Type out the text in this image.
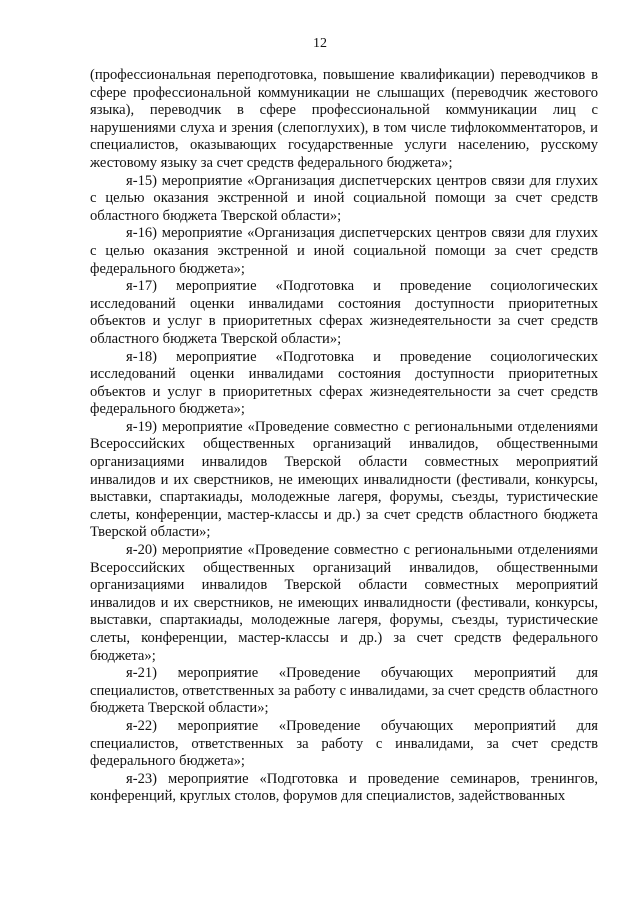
12

(профессиональная переподготовка, повышение квалификации) переводчиков в сфере профессиональной коммуникации не слышащих (переводчик жестового языка), переводчик в сфере профессиональной коммуникации лиц с нарушениями слуха и зрения (слепоглухих), в том числе тифлокомментаторов, и специалистов, оказывающих государственные услуги населению, русскому жестовому языку за счет средств федерального бюджета»;

я-15) мероприятие «Организация диспетчерских центров связи для глухих с целью оказания экстренной и иной социальной помощи за счет средств областного бюджета Тверской области»;

я-16) мероприятие «Организация диспетчерских центров связи для глухих с целью оказания экстренной и иной социальной помощи за счет средств федерального бюджета»;

я-17) мероприятие «Подготовка и проведение социологических исследований оценки инвалидами состояния доступности приоритетных объектов и услуг в приоритетных сферах жизнедеятельности за счет средств областного бюджета Тверской области»;

я-18) мероприятие «Подготовка и проведение социологических исследований оценки инвалидами состояния доступности приоритетных объектов и услуг в приоритетных сферах жизнедеятельности за счет средств федерального бюджета»;

я-19) мероприятие «Проведение совместно с региональными отделениями Всероссийских общественных организаций инвалидов, общественными организациями инвалидов Тверской области совместных мероприятий инвалидов и их сверстников, не имеющих инвалидности (фестивали, конкурсы, выставки, спартакиады, молодежные лагеря, форумы, съезды, туристические слеты, конференции, мастер-классы и др.) за счет средств областного бюджета Тверской области»;

я-20) мероприятие «Проведение совместно с региональными отделениями Всероссийских общественных организаций инвалидов, общественными организациями инвалидов Тверской области совместных мероприятий инвалидов и их сверстников, не имеющих инвалидности (фестивали, конкурсы, выставки, спартакиады, молодежные лагеря, форумы, съезды, туристические слеты, конференции, мастер-классы и др.) за счет средств федерального бюджета»;

я-21) мероприятие «Проведение обучающих мероприятий для специалистов, ответственных за работу с инвалидами, за счет средств областного бюджета Тверской области»;

я-22) мероприятие «Проведение обучающих мероприятий для специалистов, ответственных за работу с инвалидами, за счет средств федерального бюджета»;

я-23) мероприятие «Подготовка и проведение семинаров, тренингов, конференций, круглых столов, форумов для специалистов, задействованных
